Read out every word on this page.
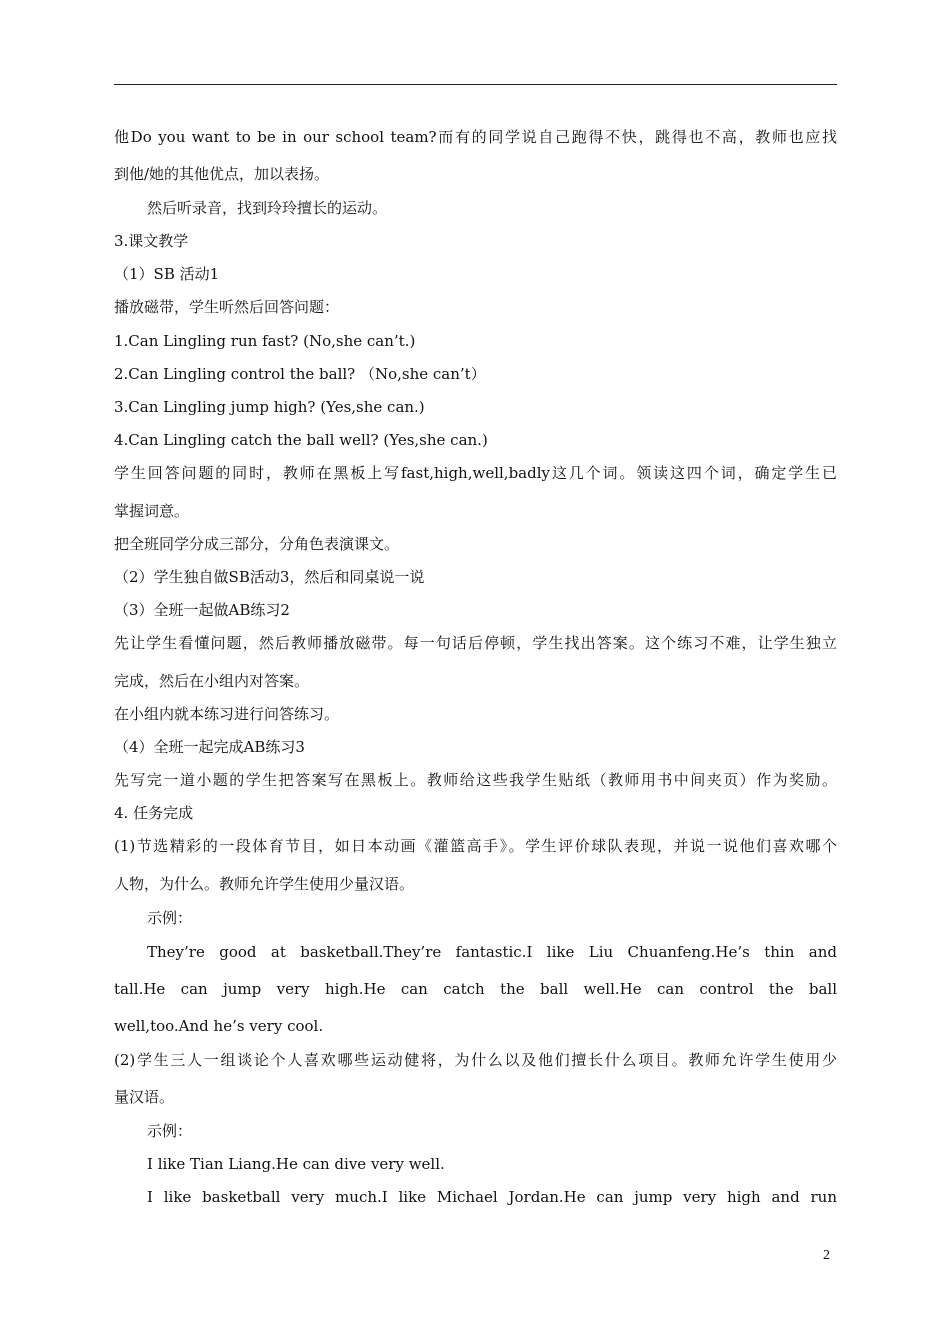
他Do you want to be in our school team?而有的同学说自己跑得不快，跳得也不高，教师也应找
到他/她的其他优点，加以表扬。
然后听录音，找到玲玲擅长的运动。
3.课文教学
（1）SB 活动1
播放磁带，学生听然后回答问题：
1.Can Lingling run fast? (No,she can’t.)
2.Can Lingling control the ball? （No,she can’t）
3.Can Lingling jump high? (Yes,she can.)
4.Can Lingling catch the ball well? (Yes,she can.)
学生回答问题的同时，教师在黑板上写fast,high,well,badly这几个词。领读这四个词，确定学生已
掌握词意。
把全班同学分成三部分，分角色表演课文。
（2）学生独自做SB活动3，然后和同桌说一说
（3）全班一起做AB练习2
先让学生看懂问题，然后教师播放磁带。每一句话后停顿，学生找出答案。这个练习不难，让学生独立
完成，然后在小组内对答案。
在小组内就本练习进行问答练习。
（4）全班一起完成AB练习3
先写完一道小题的学生把答案写在黑板上。教师给这些我学生贴纸（教师用书中间夹页）作为奖励。
4. 任务完成
(1)节选精彩的一段体育节目，如日本动画《灌篮高手》。学生评价球队表现，并说一说他们喜欢哪个
人物，为什么。教师允许学生使用少量汉语。
示例：
They’re good at basketball.They’re fantastic.I like Liu Chuanfeng.He’s thin and
tall.He can jump very high.He can catch the ball well.He can control the ball
well,too.And he’s very cool.
(2)学生三人一组谈论个人喜欢哪些运动健将，为什么以及他们擅长什么项目。教师允许学生使用少
量汉语。
示例：
I like Tian Liang.He can dive very well.
I like basketball very much.I like Michael Jordan.He can jump very high and run
2
